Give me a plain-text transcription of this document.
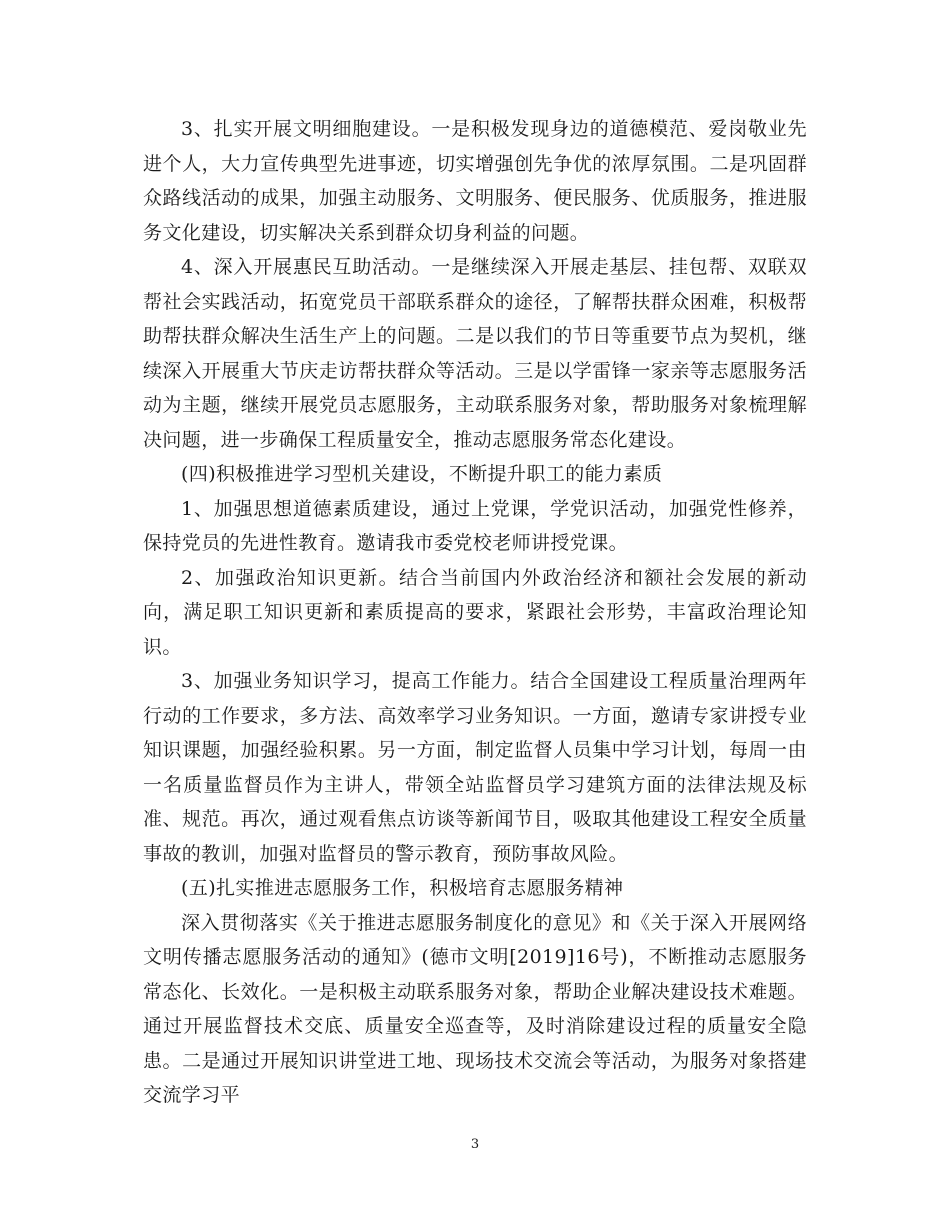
3、扎实开展文明细胞建设。一是积极发现身边的道德模范、爱岗敬业先进个人，大力宣传典型先进事迹，切实增强创先争优的浓厚氛围。二是巩固群众路线活动的成果，加强主动服务、文明服务、便民服务、优质服务，推进服务文化建设，切实解决关系到群众切身利益的问题。

4、深入开展惠民互助活动。一是继续深入开展走基层、挂包帮、双联双帮社会实践活动，拓宽党员干部联系群众的途径，了解帮扶群众困难，积极帮助帮扶群众解决生活生产上的问题。二是以我们的节日等重要节点为契机，继续深入开展重大节庆走访帮扶群众等活动。三是以学雷锋一家亲等志愿服务活动为主题，继续开展党员志愿服务，主动联系服务对象，帮助服务对象梳理解决问题，进一步确保工程质量安全，推动志愿服务常态化建设。

(四)积极推进学习型机关建设，不断提升职工的能力素质

1、加强思想道德素质建设，通过上党课，学党识活动，加强党性修养，保持党员的先进性教育。邀请我市委党校老师讲授党课。

2、加强政治知识更新。结合当前国内外政治经济和额社会发展的新动向，满足职工知识更新和素质提高的要求，紧跟社会形势，丰富政治理论知识。

3、加强业务知识学习，提高工作能力。结合全国建设工程质量治理两年行动的工作要求，多方法、高效率学习业务知识。一方面，邀请专家讲授专业知识课题，加强经验积累。另一方面，制定监督人员集中学习计划，每周一由一名质量监督员作为主讲人，带领全站监督员学习建筑方面的法律法规及标准、规范。再次，通过观看焦点访谈等新闻节目，吸取其他建设工程安全质量事故的教训，加强对监督员的警示教育，预防事故风险。

(五)扎实推进志愿服务工作，积极培育志愿服务精神

深入贯彻落实《关于推进志愿服务制度化的意见》和《关于深入开展网络文明传播志愿服务活动的通知》(德市文明[2019]16号)，不断推动志愿服务常态化、长效化。一是积极主动联系服务对象，帮助企业解决建设技术难题。通过开展监督技术交底、质量安全巡查等，及时消除建设过程的质量安全隐患。二是通过开展知识讲堂进工地、现场技术交流会等活动，为服务对象搭建交流学习平

3
